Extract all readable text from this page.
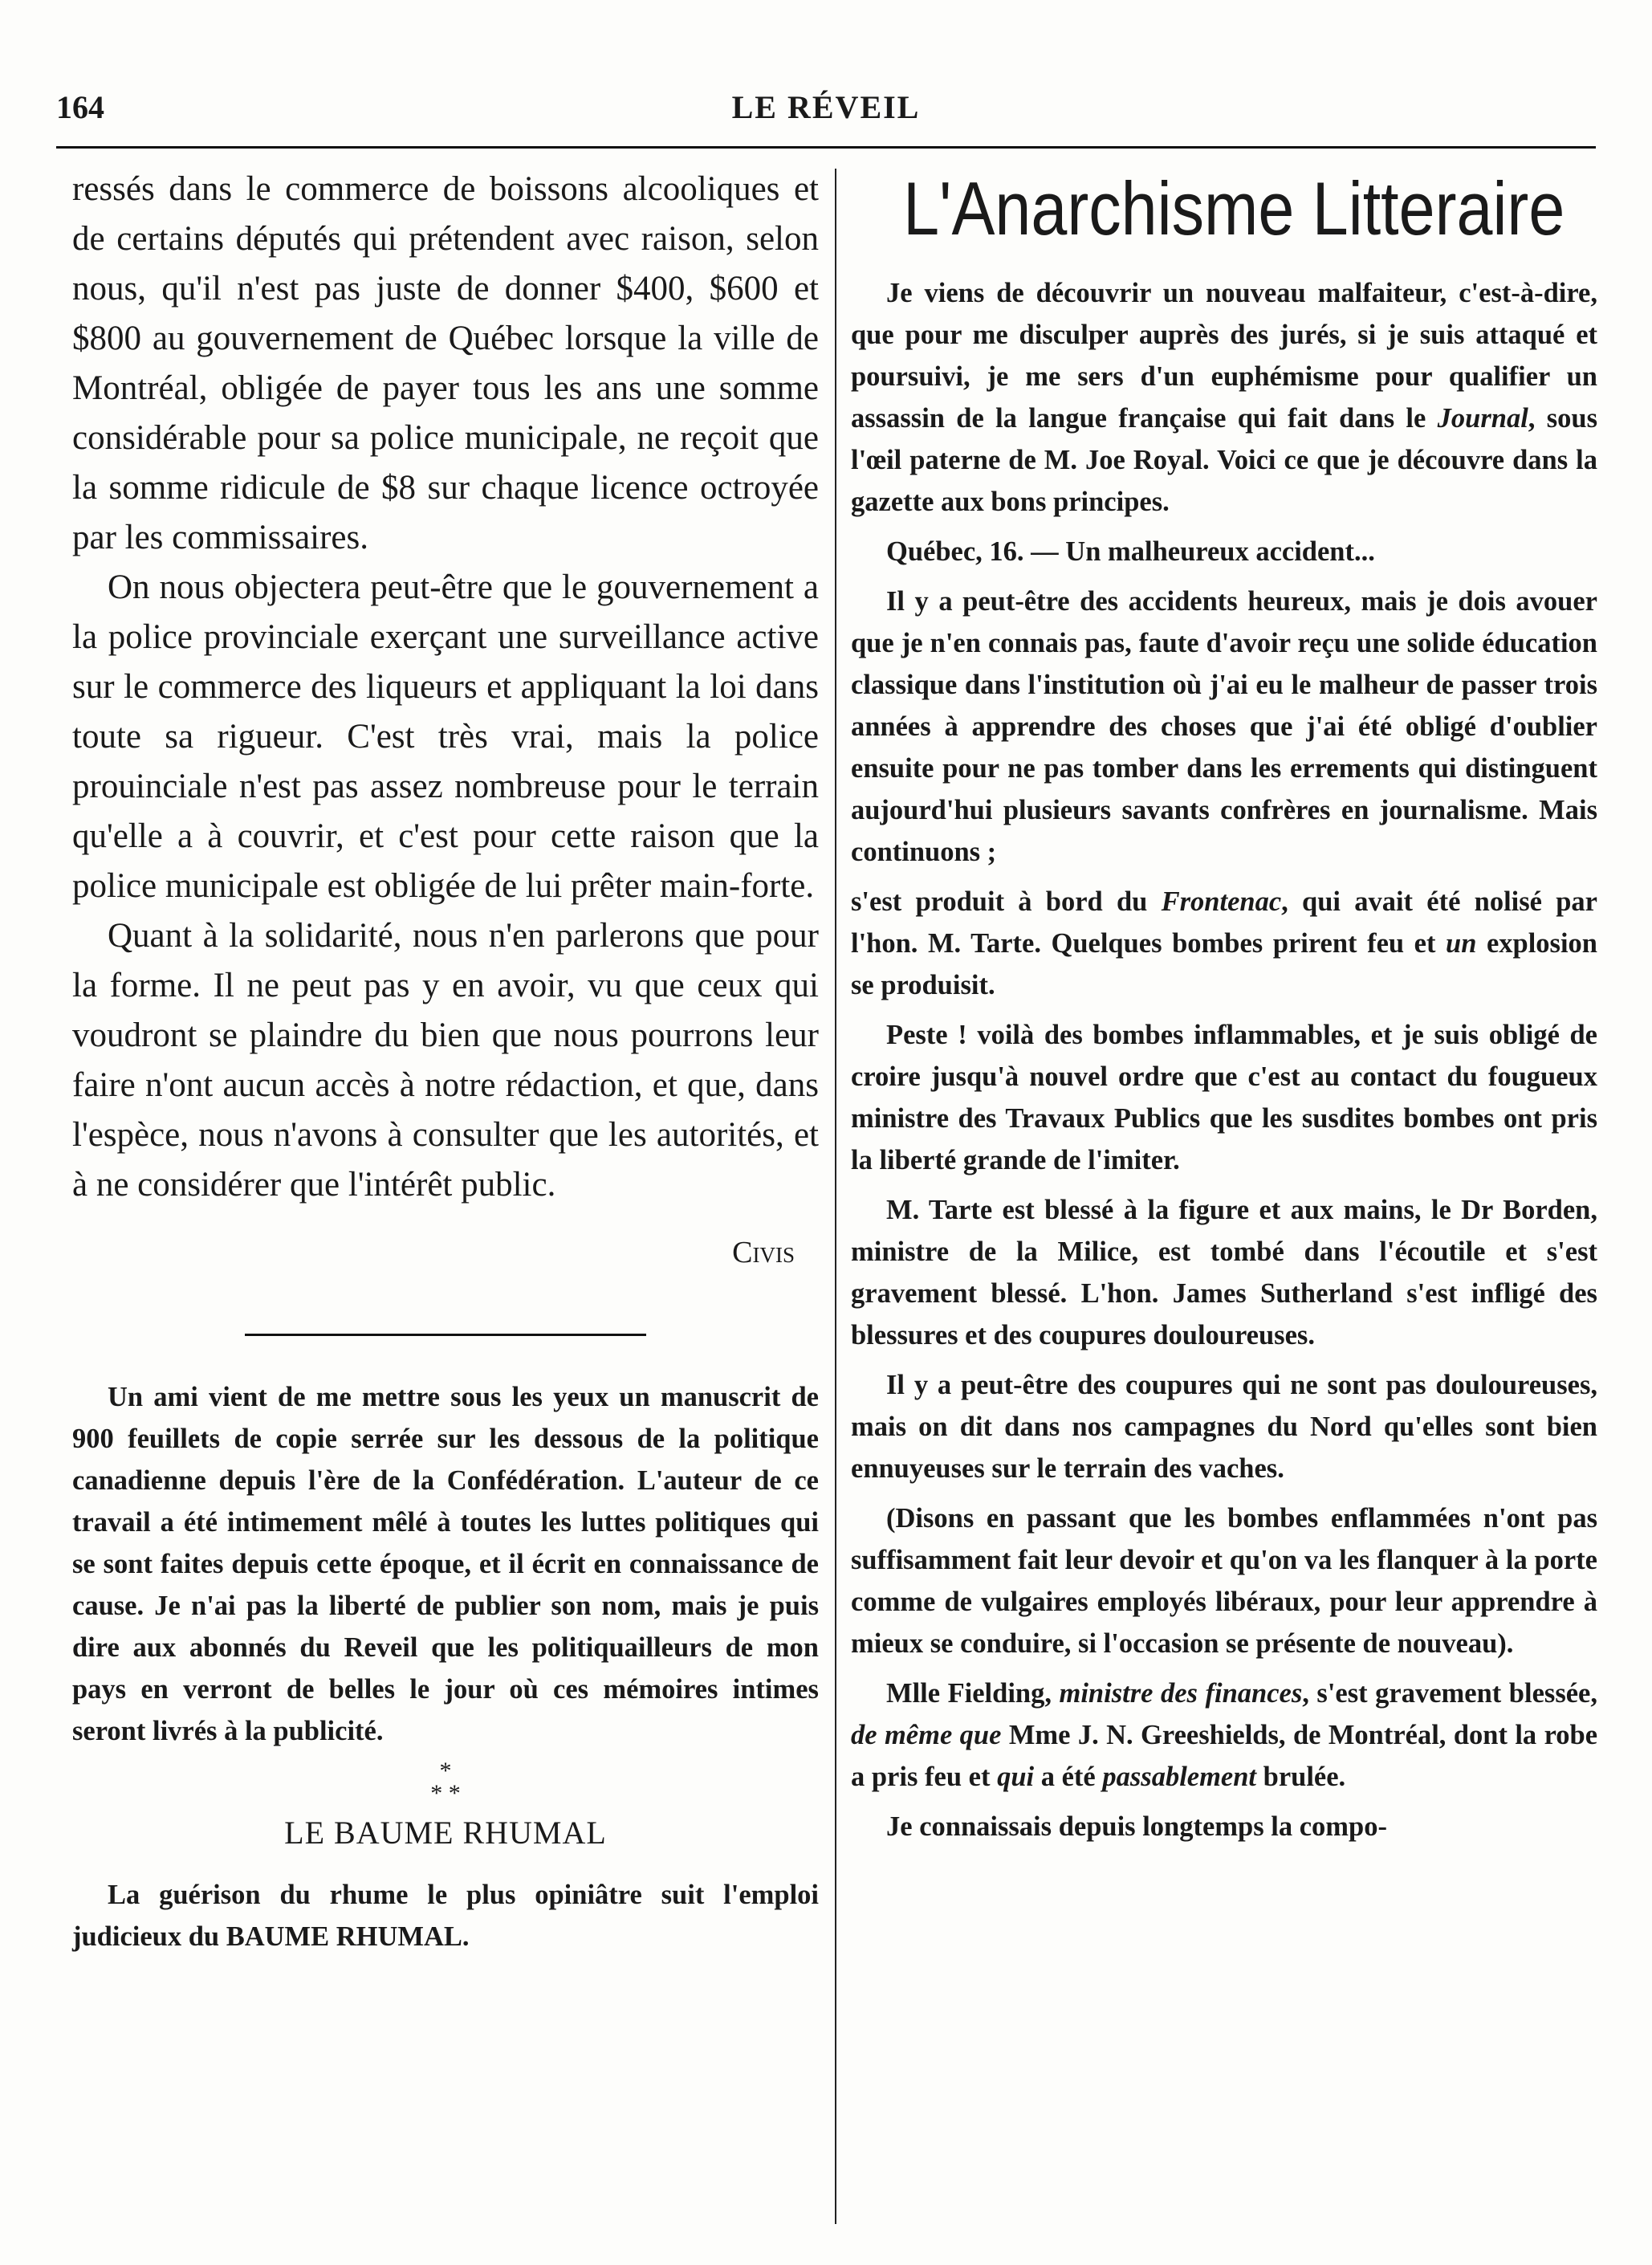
164	LE RÉVEIL

ressés dans le commerce de boissons alcooliques et de certains députés qui prétendent avec raison, selon nous, qu'il n'est pas juste de donner $400, $600 et $800 au gouvernement de Québec lorsque la ville de Montréal, obligée de payer tous les ans une somme considérable pour sa police municipale, ne reçoit que la somme ridicule de $8 sur chaque licence octroyée par les commissaires.

On nous objectera peut-être que le gouvernement a la police provinciale exerçant une surveillance active sur le commerce des liqueurs et appliquant la loi dans toute sa rigueur. C'est très vrai, mais la police prouinciale n'est pas assez nombreuse pour le terrain qu'elle a à couvrir, et c'est pour cette raison que la police municipale est obligée de lui prêter main-forte.

Quant à la solidarité, nous n'en parlerons que pour la forme. Il ne peut pas y en avoir, vu que ceux qui voudront se plaindre du bien que nous pourrons leur faire n'ont aucun accès à notre rédaction, et que, dans l'espèce, nous n'avons à consulter que les autorités, et à ne considérer que l'intérêt public.

Civis

Un ami vient de me mettre sous les yeux un manuscrit de 900 feuillets de copie serrée sur les dessous de la politique canadienne depuis l'ère de la Confédération. L'auteur de ce travail a été intimement mêlé à toutes les luttes politiques qui se sont faites depuis cette époque, et il écrit en connaissance de cause. Je n'ai pas la liberté de publier son nom, mais je puis dire aux abonnés du Reveil que les politiquailleurs de mon pays en verront de belles le jour où ces mémoires intimes seront livrés à la publicité.

*
* *
LE BAUME RHUMAL

La guérison du rhume le plus opiniâtre suit l'emploi judicieux du BAUME RHUMAL.

L'Anarchisme Litteraire

Je viens de découvrir un nouveau malfaiteur, c'est-à-dire, que pour me disculper auprès des jurés, si je suis attaqué et poursuivi, je me sers d'un euphémisme pour qualifier un assassin de la langue française qui fait dans le Journal, sous l'œil paterne de M. Joe Royal. Voici ce que je découvre dans la gazette aux bons principes.

Québec, 16. — Un malheureux accident...

Il y a peut-être des accidents heureux, mais je dois avouer que je n'en connais pas, faute d'avoir reçu une solide éducation classique dans l'institution où j'ai eu le malheur de passer trois années à apprendre des choses que j'ai été obligé d'oublier ensuite pour ne pas tomber dans les errements qui distinguent aujourd'hui plusieurs savants confrères en journalisme. Mais continuons ;

s'est produit à bord du Frontenac, qui avait été nolisé par l'hon. M. Tarte. Quelques bombes prirent feu et un explosion se produisit.

Peste ! voilà des bombes inflammables, et je suis obligé de croire jusqu'à nouvel ordre que c'est au contact du fougueux ministre des Travaux Publics que les susdites bombes ont pris la liberté grande de l'imiter.

M. Tarte est blessé à la figure et aux mains, le Dr Borden, ministre de la Milice, est tombé dans l'écoutile et s'est gravement blessé. L'hon. James Sutherland s'est infligé des blessures et des coupures douloureuses.

Il y a peut-être des coupures qui ne sont pas douloureuses, mais on dit dans nos campagnes du Nord qu'elles sont bien ennuyeuses sur le terrain des vaches.

(Disons en passant que les bombes enflammées n'ont pas suffisamment fait leur devoir et qu'on va les flanquer à la porte comme de vulgaires employés libéraux, pour leur apprendre à mieux se conduire, si l'occasion se présente de nouveau).

Mlle Fielding, ministre des finances, s'est gravement blessée, de même que Mme J. N. Greeshields, de Montréal, dont la robe a pris feu et qui a été passablement brulée.

Je connaissais depuis longtemps la compo-
